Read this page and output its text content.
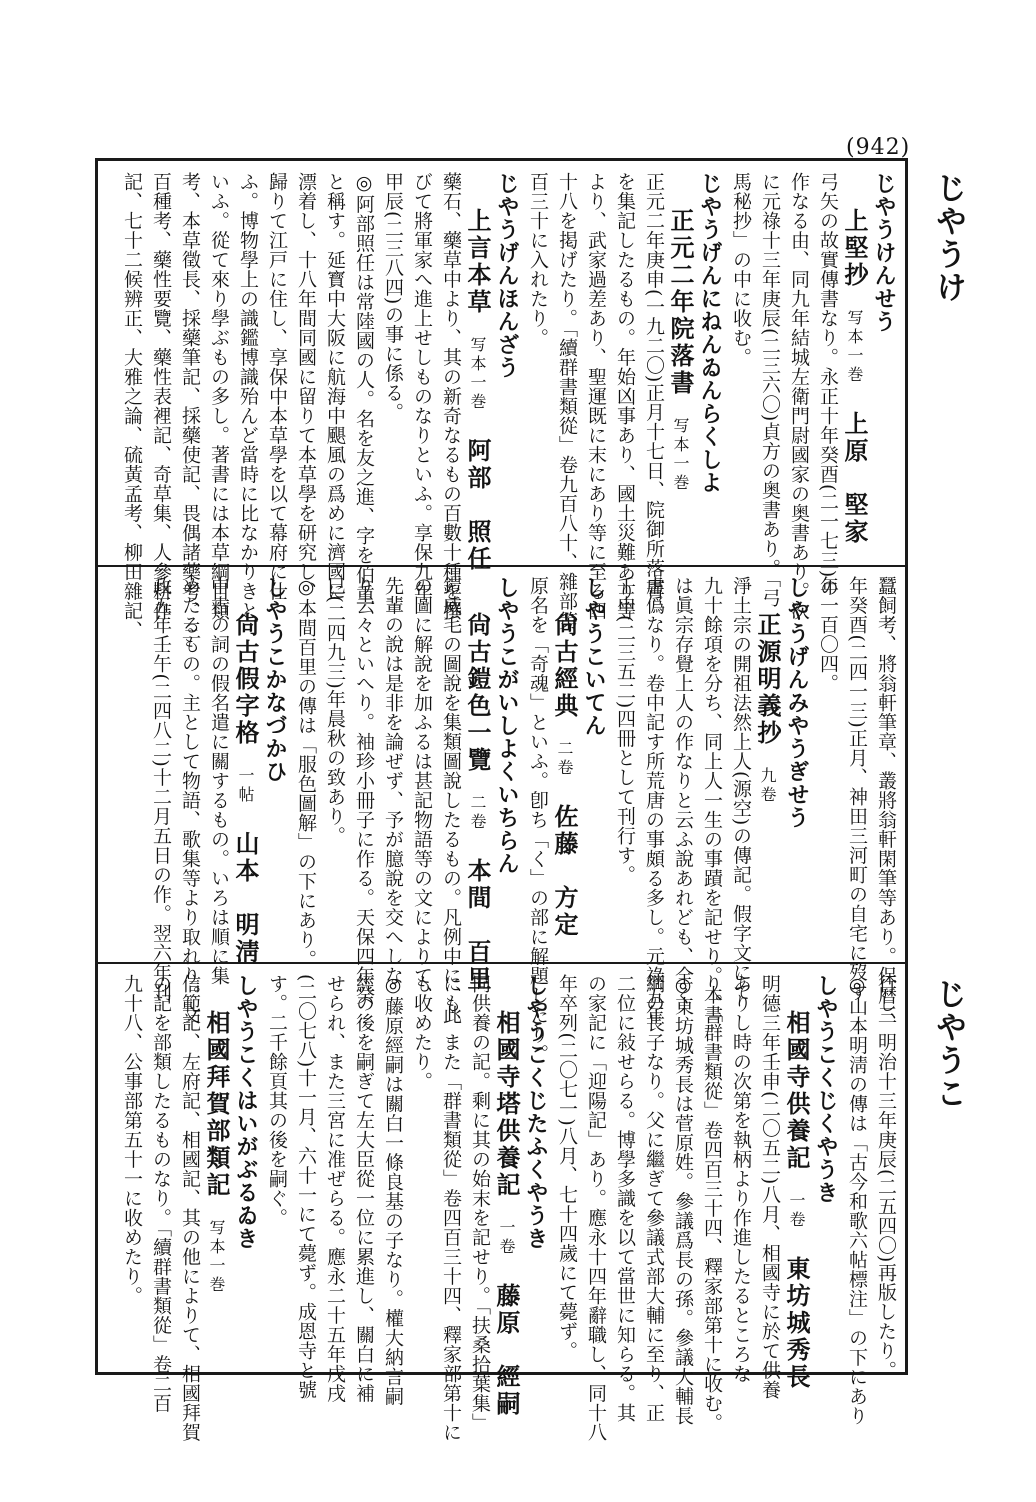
(942)
じやうけ
じやうこ
じやうけんせう
上堅抄写本一巻上原　堅家
弓矢の故實傳書なり。永正十年癸酉(二一七三)の
作なる由、同九年結城左衛門尉國家の奥書あり。次
に元祿十三年庚辰(二三六〇)貞方の奥書あり。「弓
馬秘抄」の中に收む。
じやうげんにねんゐんらくしよ
正元二年院落書写本一巻
正元二年庚申(一九二〇)正月十七日、院御所落書
を集記したるもの。年始凶事あり、國土災難あり等
より、武家過差あり、聖運既に末にあり等に至る四
十八を掲げたり。「續群書類從」卷九百八十、雜部第
百三十に入れたり。
じやうげんほんざう
上言本草写本一巻阿部　照任
藥石、藥草中より、其の新奇なるもの百數十種を撰
びて將軍家へ進上せしものなりといふ。享保九年
甲辰(二三八四)の事に係る。
◎阿部照任は常陸國の人。名を友之進、字を伯重
と稱す。延寳中大阪に航海中颶風の爲めに濟國に
漂着し、十八年間同國に留りて本草學を研究し、
歸りて江戸に住し、享保中本草學を以て幕府に仕
ふ。博物學上の識鑑博識殆んど當時に比なかりきと
いふ。從て來り學ぶもの多し。著書には本草綱目類
考、本草徵長、採藥筆記、採藥使記、畏偶諸藥考、三
百種考、藥性要覽、藥性表裡記、奇草集、人參耕作
記、七十二候辨正、大雅之論、硫黃孟考、柳田雜記、
蠶飼考、將翁軒筆章、叢將翁軒閑筆等あり。保曆三
年癸酉(二四一三)正月、神田三河町の自宅に歿す
年一百〇四。
しやうげんみやうぎせう
正源明義抄九卷
淨土宗の開祖法然上人(源空)の傳記。假字文にて
九十餘項を分ち、同上人一生の事蹟を記せり。本書
は眞宗存覺上人の作なりと云ふ說あれども、全く
虛僞なり。卷中記す所荒唐の事頗る多し。元祿五年
壬申(二三五二)四冊として刊行す。
しやうこいてん
尙古經典二卷佐藤　方定
原名を「奇魂」といふ。卽ち「く」の部に解題したり。
しやうこがいしよくいちらん
尙古鎧色一覽二卷本間　百里
鎧威毛の圖說を集類圖說したるもの。凡例中に、此
の圖に解說を加ふるは甚記物語等の文によりて、
先輩の說は是非を論ぜず、予が臆說を交へしな
り云々といへり。袖珍小冊子に作る。天保四年癸
巳(二四九三)年晨秋の致あり。
◎本間百里の傳は「服色圖解」の下にあり。
しやうこかなづかひ
尙古假字格一帖山本　明淸
中古の詞の假名遣に關するもの。いろは順に集
めたるもの。主として物語、歌集等より取れり。文
政五年壬午(二四八二)十二月五日の作。翌六年刊
行し、明治十三年庚辰(二五四〇)再版したり。
◎山本明淸の傳は「古今和歌六帖標注」の下にあり
しやうこくじくやうき
相國寺供養記一卷東坊城秀長
明德三年壬申(二〇五二)八月、相國寺に於て供養
ありし時の次第を執柄より作進したるところな
り。「群書類從」卷四百三十四、釋家部第十に收む。
◎東坊城秀長は菅原姓。參議爲長の孫。參議大輔長
綱の長子なり。父に繼ぎて參議式部大輔に至り、正
二位に敍せらる。博學多識を以て當世に知らる。其
の家記に「迎陽記」あり。應永十四年辭職し、同十八
年卒列(二〇七一)八月、七十四歲にて薨ず。
しやうこくじたふくやうき
相國寺塔供養記一卷藤原　經嗣
同供養の記。剩に其の始末を記せり。「扶桑拾葉集」
にも、また「群書類從」卷四百三十四、釋家部第十に
も收めたり。
◎藤原經嗣は關白一條良基の子なり。權大納言嗣
經の後を嗣ぎて左大臣從一位に累進し、關白に補
せられ、また三宮に准ぜらる。應永二十五年戊戌
(二〇七八)十一月、六十一にて薨ず。成恩寺と號
す。二千餘頁其の後を嗣ぐ。
しやうこくはいがぶるゐき
相國拜賀部類記写本一巻
信範記、左府記、相國記、其の他によりて、相國拜賀
の記を部類したるものなり。「續群書類從」卷二百
九十八、公事部第五十一に收めたり。
